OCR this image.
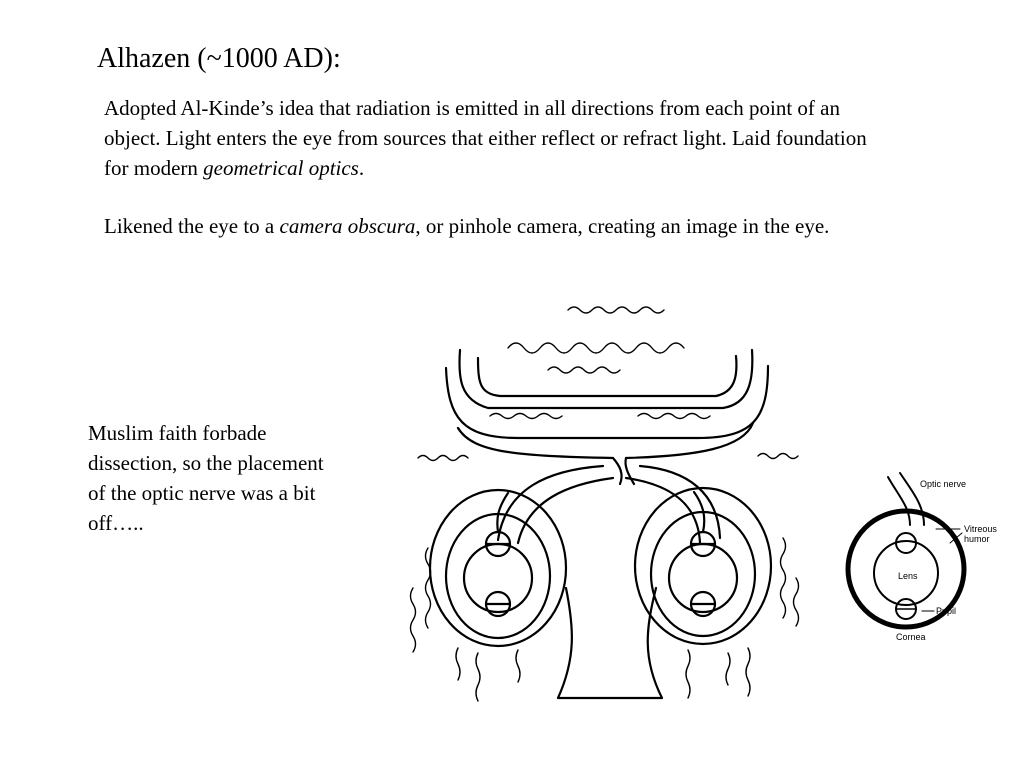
Alhazen (~1000 AD):
Adopted Al-Kinde’s idea that radiation is emitted in all directions from each point of an object. Light enters the eye from sources that either reflect or refract light. Laid foundation for modern geometrical optics.
Likened the eye to a camera obscura, or pinhole camera, creating an image in the eye.
Muslim faith forbade dissection, so the placement of the optic nerve was a bit off…..
Optic nerve
Vitreous
humor
Lens
Pupil
Cornea
